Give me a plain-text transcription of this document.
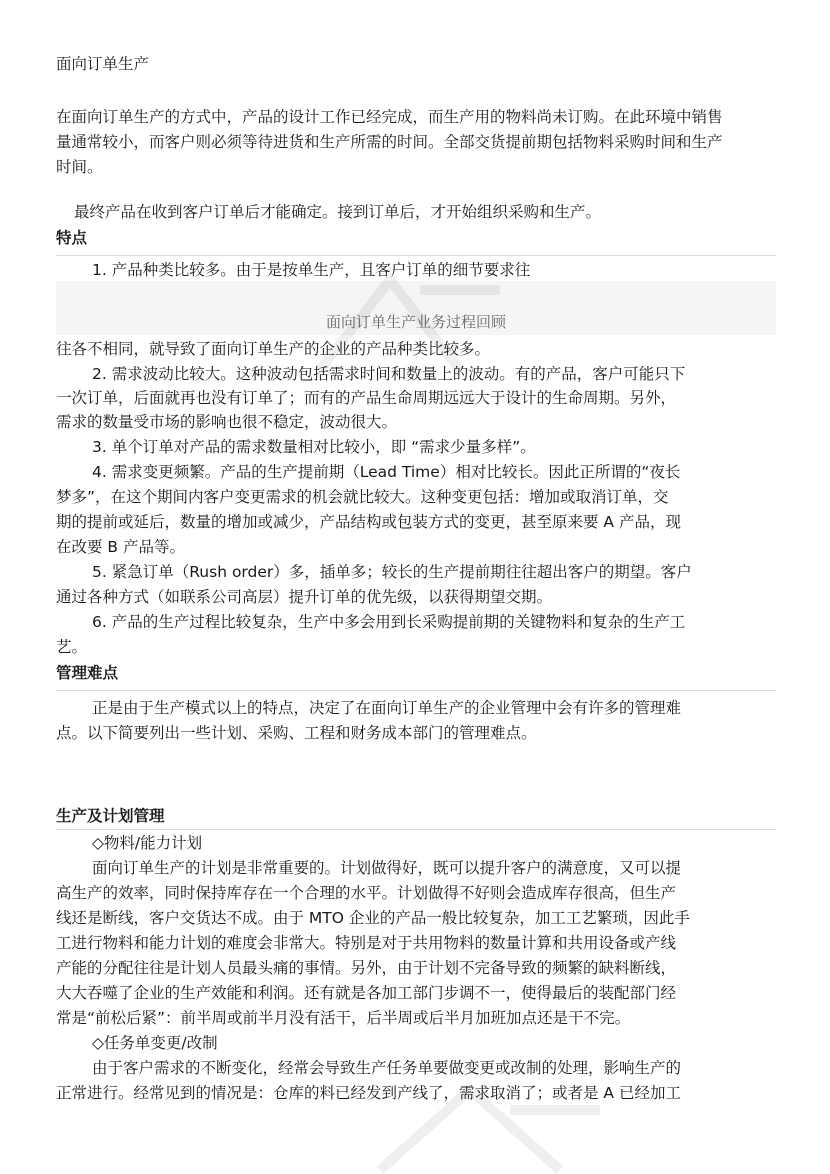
面向订单生产
在面向订单生产的方式中，产品的设计工作已经完成，而生产用的物料尚未订购。在此环境中销售
量通常较小，而客户则必须等待进货和生产所需的时间。全部交货提前期包括物料采购时间和生产
时间。
最终产品在收到客户订单后才能确定。接到订单后，才开始组织采购和生产。
特点
1. 产品种类比较多。由于是按单生产，且客户订单的细节要求往
面向订单生产业务过程回顾
往各不相同，就导致了面向订单生产的企业的产品种类比较多。
2. 需求波动比较大。这种波动包括需求时间和数量上的波动。有的产品，客户可能只下
一次订单，后面就再也没有订单了；而有的产品生命周期远远大于设计的生命周期。另外，
需求的数量受市场的影响也很不稳定，波动很大。
3. 单个订单对产品的需求数量相对比较小，即 “需求少量多样”。
4. 需求变更频繁。产品的生产提前期（Lead Time）相对比较长。因此正所谓的“夜长
梦多”，在这个期间内客户变更需求的机会就比较大。这种变更包括：增加或取消订单，交
期的提前或延后，数量的增加或减少，产品结构或包装方式的变更，甚至原来要 A 产品，现
在改要 B 产品等。
5. 紧急订单（Rush order）多，插单多；较长的生产提前期往往超出客户的期望。客户
通过各种方式（如联系公司高层）提升订单的优先级，以获得期望交期。
6. 产品的生产过程比较复杂，生产中多会用到长采购提前期的关键物料和复杂的生产工
艺。
管理难点
正是由于生产模式以上的特点，决定了在面向订单生产的企业管理中会有许多的管理难
点。以下简要列出一些计划、采购、工程和财务成本部门的管理难点。
生产及计划管理
◇物料/能力计划
面向订单生产的计划是非常重要的。计划做得好，既可以提升客户的满意度，又可以提
高生产的效率，同时保持库存在一个合理的水平。计划做得不好则会造成库存很高，但生产
线还是断线，客户交货达不成。由于 MTO 企业的产品一般比较复杂，加工工艺繁琐，因此手
工进行物料和能力计划的难度会非常大。特别是对于共用物料的数量计算和共用设备或产线
产能的分配往往是计划人员最头痛的事情。另外，由于计划不完备导致的频繁的缺料断线，
大大吞噬了企业的生产效能和利润。还有就是各加工部门步调不一，使得最后的装配部门经
常是“前松后紧”：前半周或前半月没有活干，后半周或后半月加班加点还是干不完。
◇任务单变更/改制
由于客户需求的不断变化，经常会导致生产任务单要做变更或改制的处理，影响生产的
正常进行。经常见到的情况是：仓库的料已经发到产线了，需求取消了；或者是 A 已经加工
